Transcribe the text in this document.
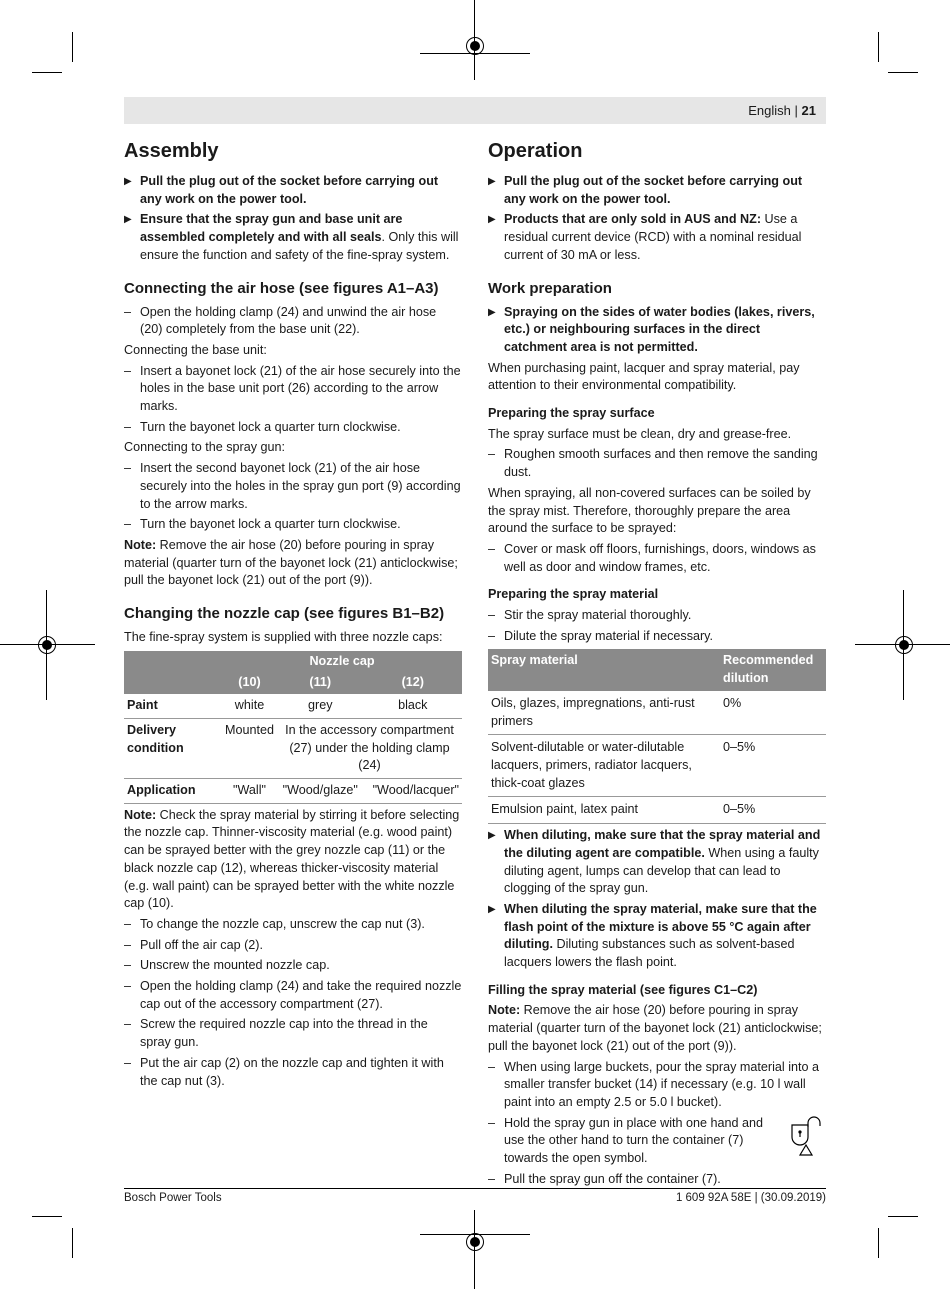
English | 21
Assembly
▶ Pull the plug out of the socket before carrying out any work on the power tool.
▶ Ensure that the spray gun and base unit are assembled completely and with all seals. Only this will ensure the function and safety of the fine-spray system.
Connecting the air hose (see figures A1–A3)
– Open the holding clamp (24) and unwind the air hose (20) completely from the base unit (22).

Connecting the base unit:

– Insert a bayonet lock (21) of the air hose securely into the holes in the base unit port (26) according to the arrow marks.
– Turn the bayonet lock a quarter turn clockwise.

Connecting to the spray gun:

– Insert the second bayonet lock (21) of the air hose securely into the holes in the spray gun port (9) according to the arrow marks.
– Turn the bayonet lock a quarter turn clockwise.

Note: Remove the air hose (20) before pouring in spray material (quarter turn of the bayonet lock (21) anticlockwise; pull the bayonet lock (21) out of the port (9)).

Changing the nozzle cap (see figures B1–B2)

The fine-spray system is supplied with three nozzle caps:

	Nozzle cap		
	(10)	(11)	(12)
Paint	white	grey	black
Delivery condition	Mounted	In the accessory compartment (27) under the holding clamp (24)	
Application	"Wall"	"Wood/glaze"	"Wood/lacquer"

Note: Check the spray material by stirring it before selecting the nozzle cap. Thinner-viscosity material (e.g. wood paint) can be sprayed better with the grey nozzle cap (11) or the black nozzle cap (12), whereas thicker-viscosity material (e.g. wall paint) can be sprayed better with the white nozzle cap (10).

– To change the nozzle cap, unscrew the cap nut (3).
– Pull off the air cap (2).
– Unscrew the mounted nozzle cap.
– Open the holding clamp (24) and take the required nozzle cap out of the accessory compartment (27).
– Screw the required nozzle cap into the thread in the spray gun.
– Put the air cap (2) on the nozzle cap and tighten it with the cap nut (3).
Operation
▶ Pull the plug out of the socket before carrying out any work on the power tool.
▶ Products that are only sold in AUS and NZ: Use a residual current device (RCD) with a nominal residual current of 30 mA or less.
Work preparation
▶ Spraying on the sides of water bodies (lakes, rivers, etc.) or neighbouring surfaces in the direct catchment area is not permitted.

When purchasing paint, lacquer and spray material, pay attention to their environmental compatibility.

Preparing the spray surface

The spray surface must be clean, dry and grease-free.

– Roughen smooth surfaces and then remove the sanding dust.

When spraying, all non-covered surfaces can be soiled by the spray mist. Therefore, thoroughly prepare the area around the surface to be sprayed:

– Cover or mask off floors, furnishings, doors, windows as well as door and window frames, etc.
Preparing the spray material
– Stir the spray material thoroughly.
– Dilute the spray material if necessary.
Spray material	Recommended dilution
Oils, glazes, impregnations, anti-rust primers	0%
Solvent-dilutable or water-dilutable lacquers, primers, radiator lacquers, thick-coat glazes	0–5%
Emulsion paint, latex paint	0–5%
▶ When diluting, make sure that the spray material and the diluting agent are compatible. When using a faulty diluting agent, lumps can develop that can lead to clogging of the spray gun.
▶ When diluting the spray material, make sure that the flash point of the mixture is above 55 °C again after diluting. Diluting substances such as solvent-based lacquers lowers the flash point.
Filling the spray material (see figures C1–C2)

Note: Remove the air hose (20) before pouring in spray material (quarter turn of the bayonet lock (21) anticlockwise; pull the bayonet lock (21) out of the port (9)).

– When using large buckets, pour the spray material into a smaller transfer bucket (14) if necessary (e.g. 10 l wall paint into an empty 2.5 or 5.0 l bucket).
– Hold the spray gun in place with one hand and use the other hand to turn the container (7) towards the open symbol.
– Pull the spray gun off the container (7).
Bosch Power Tools	1 609 92A 58E | (30.09.2019)
